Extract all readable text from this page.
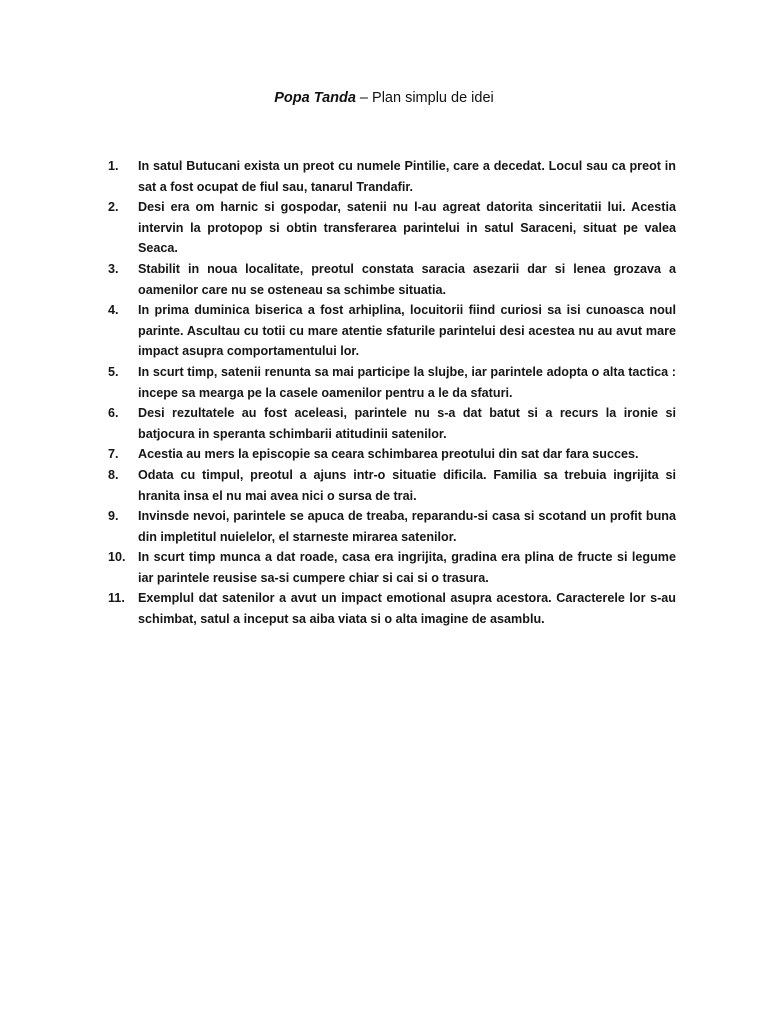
Popa Tanda – Plan simplu de idei
1.	In satul Butucani exista un preot cu numele Pintilie, care a decedat. Locul sau ca preot in sat a fost ocupat de fiul sau, tanarul Trandafir.
2.	Desi era om harnic si gospodar, satenii nu l-au agreat datorita sinceritatii lui. Acestia intervin la protopop si obtin transferarea parintelui in satul Saraceni, situat pe valea Seaca.
3.	Stabilit in noua localitate, preotul constata saracia asezarii dar si lenea grozava a oamenilor care nu se osteneau sa schimbe situatia.
4.	In prima duminica biserica a fost arhiplina, locuitorii fiind curiosi sa isi cunoasca noul parinte. Ascultau cu totii cu mare atentie sfaturile parintelui desi acestea nu au avut mare impact asupra comportamentului lor.
5.	In scurt timp, satenii renunta sa mai participe la slujbe, iar parintele adopta o alta tactica : incepe sa mearga pe la casele oamenilor pentru a le da sfaturi.
6.	Desi rezultatele au fost aceleasi, parintele nu s-a dat batut si a recurs la ironie si batjocura in speranta schimbarii atitudinii satenilor.
7.	Acestia au mers la episcopie sa ceara schimbarea preotului din sat dar fara succes.
8.	Odata cu timpul, preotul a ajuns intr-o situatie dificila. Familia sa trebuia ingrijita si hranita insa el nu mai avea nici o sursa de trai.
9.	Invinsde nevoi, parintele se apuca de treaba, reparandu-si casa si scotand un profit buna din impletitul nuielelor, el starneste mirarea satenilor.
10. In scurt timp munca a dat roade, casa era ingrijita, gradina era plina de fructe si legume iar parintele reusise sa-si cumpere chiar si cai si o trasura.
11.	Exemplul dat satenilor a avut un impact emotional asupra acestora. Caracterele lor s-au schimbat, satul a inceput sa aiba viata si o alta imagine de asamblu.
